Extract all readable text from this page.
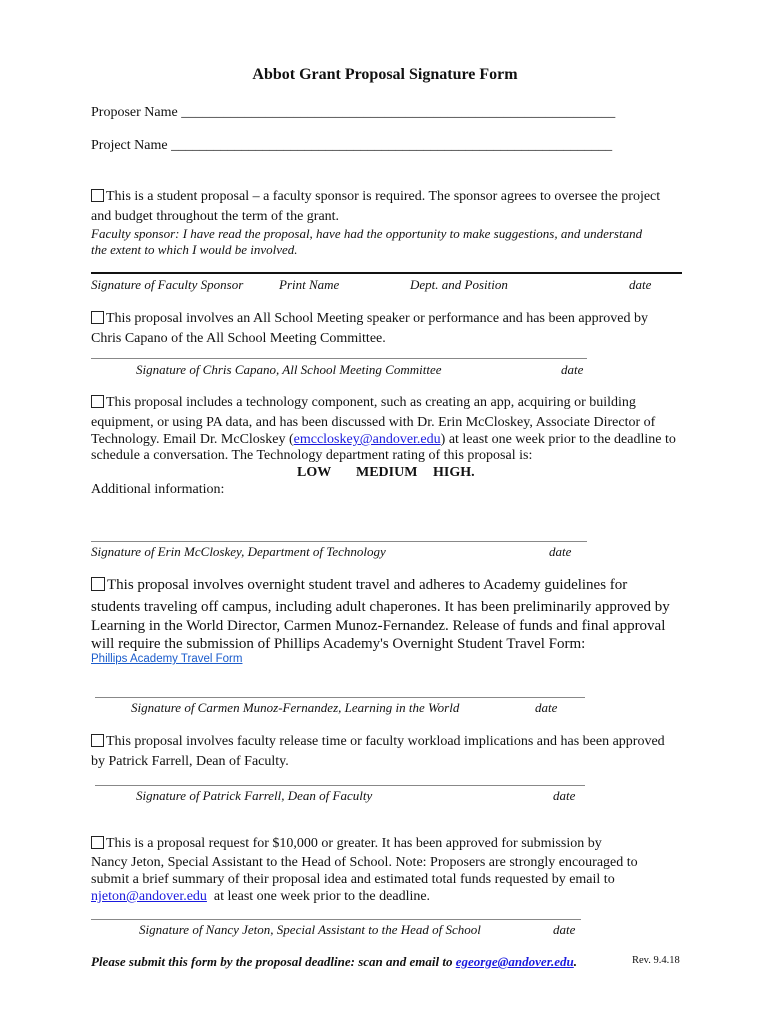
Abbot Grant Proposal Signature Form
Proposer Name ______________________________________________________________
Project Name _______________________________________________________________
This is a student proposal – a faculty sponsor is required. The sponsor agrees to oversee the project
and budget throughout the term of the grant.
Faculty sponsor: I have read the proposal, have had the opportunity to make suggestions, and understand
the extent to which I would be involved.
Signature of Faculty Sponsor	Print Name	Dept. and Position	date
This proposal involves an All School Meeting speaker or performance and has been approved by
Chris Capano of the All School Meeting Committee.
Signature of Chris Capano, All School Meeting Committee	date
This proposal includes a technology component, such as creating an app, acquiring or building
equipment, or using PA data, and has been discussed with Dr. Erin McCloskey, Associate Director of
Technology. Email Dr. McCloskey (emccloskey@andover.edu) at least one week prior to the deadline to
schedule a conversation. The Technology department rating of this proposal is:
LOW MEDIUM HIGH.
Additional information:
Signature of Erin McCloskey, Department of Technology	date
This proposal involves overnight student travel and adheres to Academy guidelines for
students traveling off campus, including adult chaperones. It has been preliminarily approved by
Learning in the World Director, Carmen Munoz-Fernandez. Release of funds and final approval
will require the submission of Phillips Academy's Overnight Student Travel Form:
Phillips Academy Travel Form
Signature of Carmen Munoz-Fernandez, Learning in the World	date
This proposal involves faculty release time or faculty workload implications and has been approved
by Patrick Farrell, Dean of Faculty.
Signature of Patrick Farrell, Dean of Faculty	date
This is a proposal request for $10,000 or greater. It has been approved for submission by
Nancy Jeton, Special Assistant to the Head of School. Note: Proposers are strongly encouraged to
submit a brief summary of their proposal idea and estimated total funds requested by email to
njeton@andover.edu  at least one week prior to the deadline.
Signature of Nancy Jeton, Special Assistant to the Head of School	date
Please submit this form by the proposal deadline: scan and email to egeorge@andover.edu.	Rev. 9.4.18
